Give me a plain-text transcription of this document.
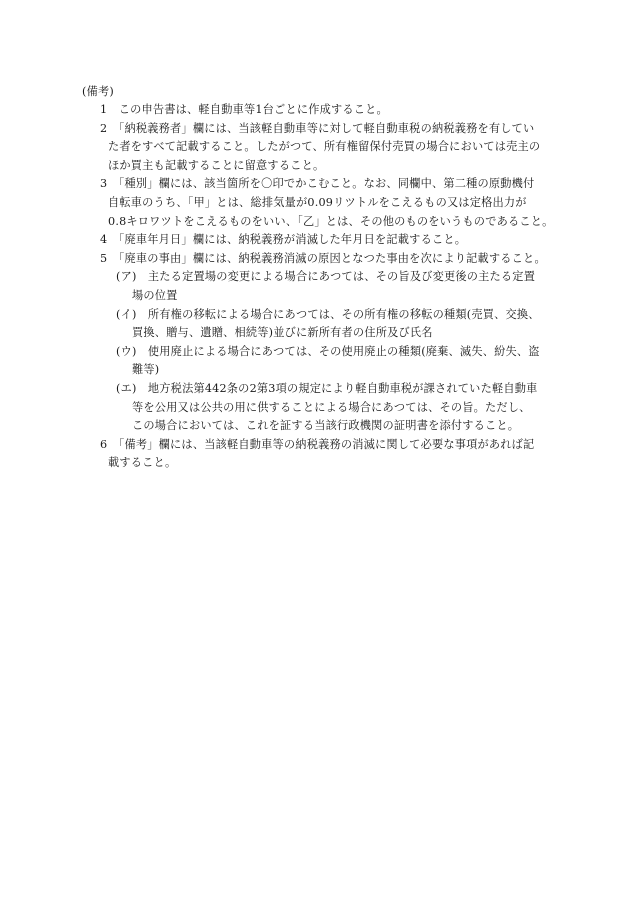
(備考)
1　この申告書は、軽自動車等1台ごとに作成すること。
2　「納税義務者」欄には、当該軽自動車等に対して軽自動車税の納税義務を有してい
た者をすべて記載すること。したがつて、所有権留保付売買の場合においては売主の
ほか買主も記載することに留意すること。
3　「種別」欄には、該当箇所を〇印でかこむこと。なお、同欄中、第二種の原動機付
自転車のうち、「甲」とは、総排気量が0.09リツトルをこえるもの又は定格出力が
0.8キロワツトをこえるものをいい、「乙」とは、その他のものをいうものであること。
4　「廃車年月日」欄には、納税義務が消滅した年月日を記載すること。
5　「廃車の事由」欄には、納税義務消滅の原因となつた事由を次により記載すること。
(ア)　主たる定置場の変更による場合にあつては、その旨及び変更後の主たる定置
場の位置
(イ)　所有権の移転による場合にあつては、その所有権の移転の種類(売買、交換、
買換、贈与、遺贈、相続等)並びに新所有者の住所及び氏名
(ウ)　使用廃止による場合にあつては、その使用廃止の種類(廃棄、滅失、紛失、盗
難等)
(エ)　地方税法第442条の2第3項の規定により軽自動車税が課されていた軽自動車
等を公用又は公共の用に供することによる場合にあつては、その旨。ただし、
この場合においては、これを証する当該行政機関の証明書を添付すること。
6　「備考」欄には、当該軽自動車等の納税義務の消滅に関して必要な事項があれば記
載すること。
